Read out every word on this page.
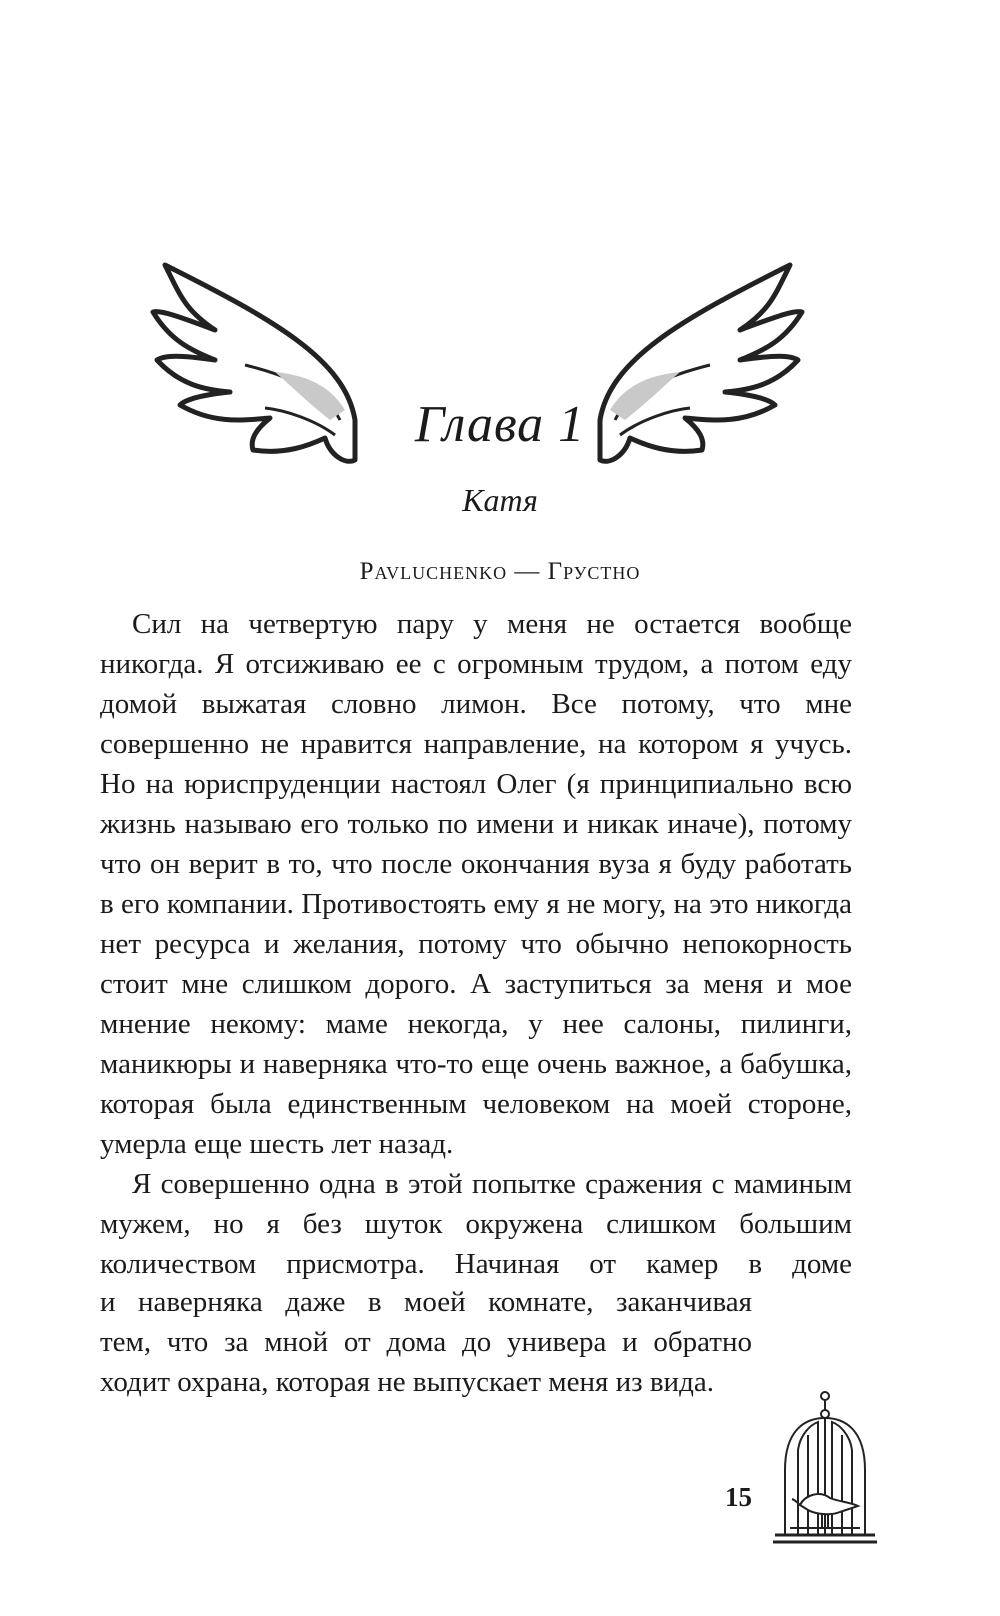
Глава 1
Катя
Pavluchenko — Грустно

Сил на четвертую пару у меня не остается вообще никогда. Я отсиживаю ее с огромным трудом, а потом еду домой выжатая словно лимон. Все потому, что мне совершенно не нравится направление, на котором я учусь. Но на юриспруденции настоял Олег (я принципиально всю жизнь называю его только по имени и никак иначе), потому что он верит в то, что после окончания вуза я буду работать в его компании. Противостоять ему я не могу, на это никогда нет ресурса и желания, потому что обычно непокорность стоит мне слишком дорого. А заступиться за меня и мое мнение некому: маме некогда, у нее салоны, пилинги, маникюры и наверняка что-то еще очень важное, а бабушка, которая была единственным человеком на моей стороне, умерла еще шесть лет назад.

Я совершенно одна в этой попытке сражения с маминым мужем, но я без шуток окружена слишком большим количеством присмотра. Начиная от камер в доме

и наверняка даже в моей комнате, заканчивая
тем, что за мной от дома до универа и обратно
ходит охрана, которая не выпускает меня из вида.
15
